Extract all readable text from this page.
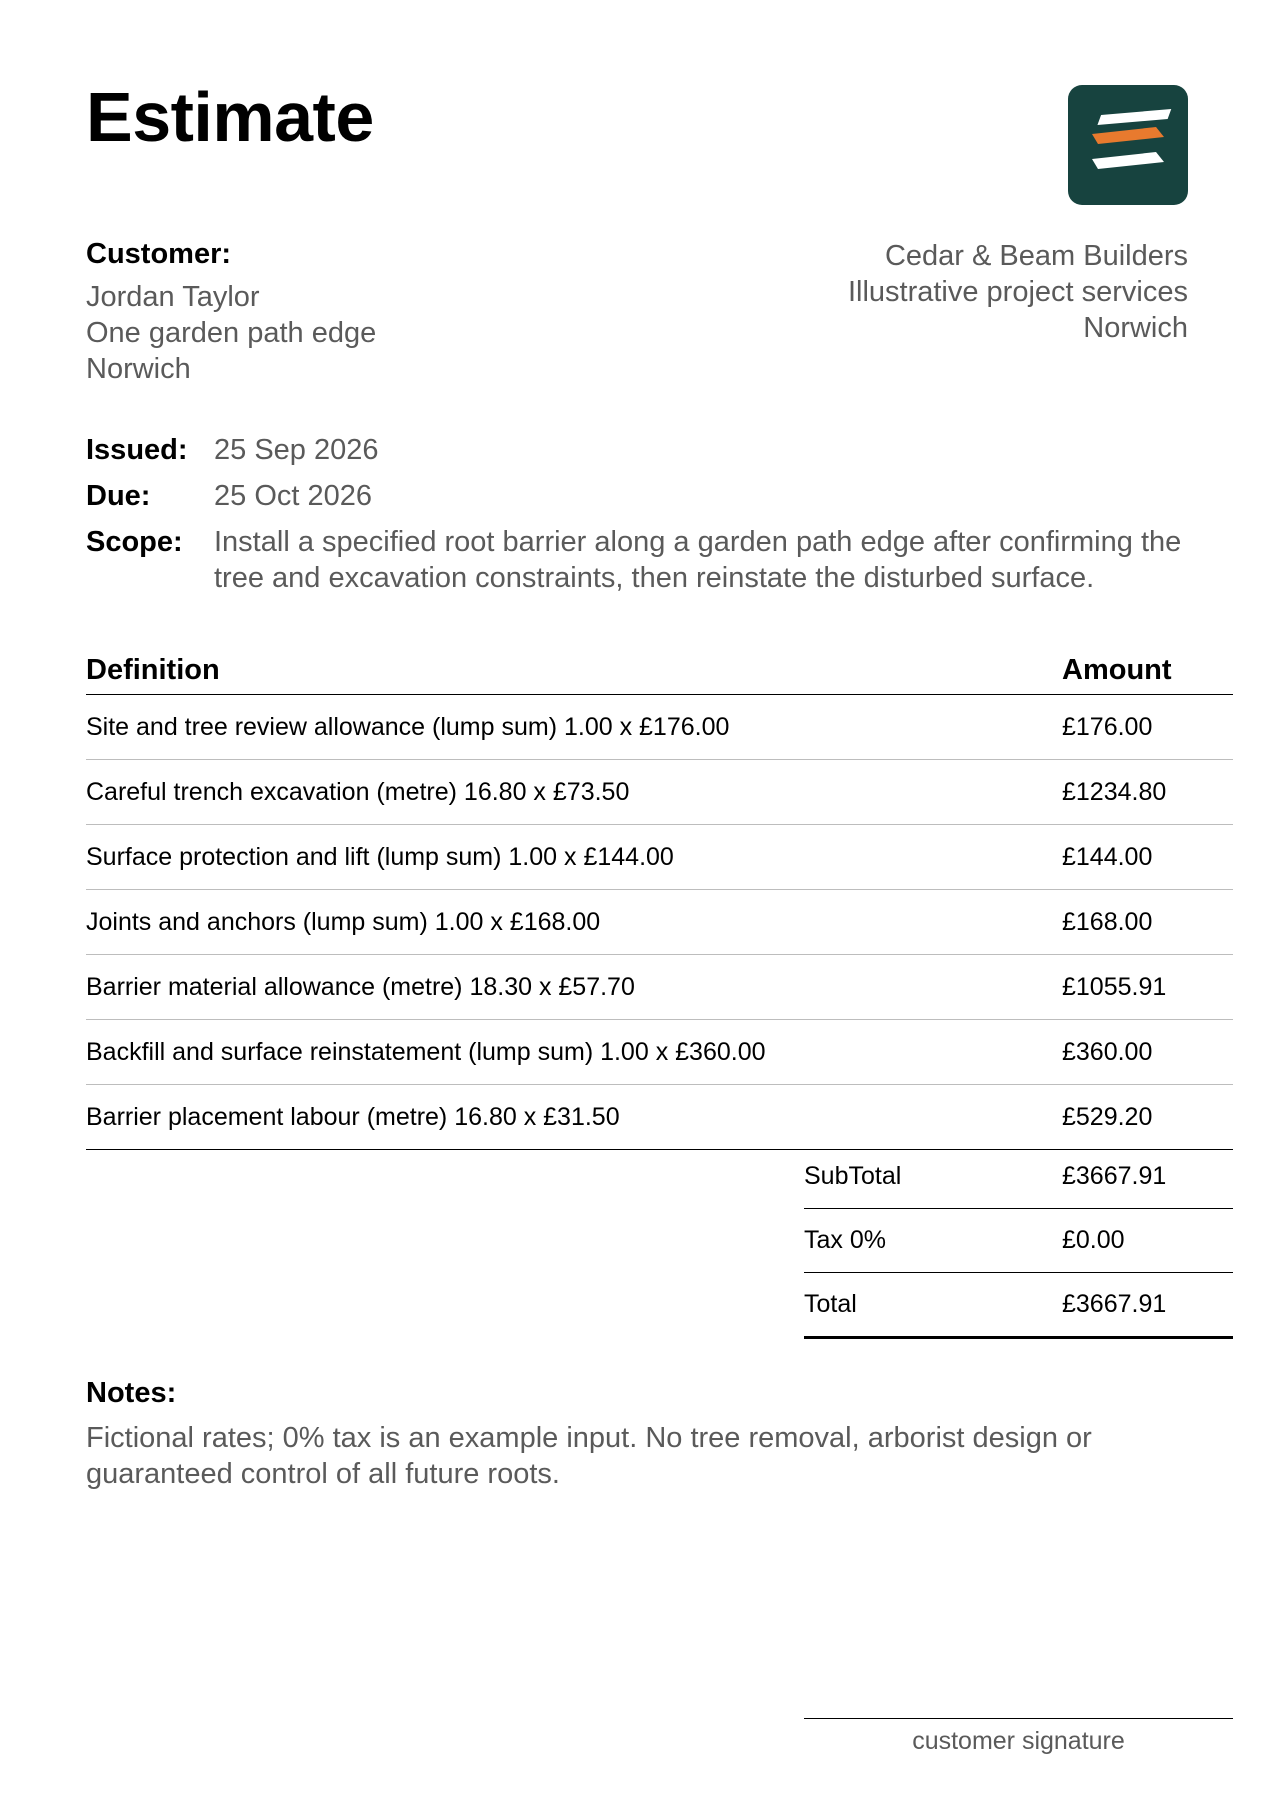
Estimate
Customer:
Jordan Taylor
One garden path edge
Norwich
Cedar & Beam Builders
Illustrative project services
Norwich
Issued: 25 Sep 2026
Due:	25 Oct 2026
Scope:	Install a specified root barrier along a garden path edge after confirming the tree and excavation constraints, then reinstate the disturbed surface.
Definition	Amount
Site and tree review allowance (lump sum) 1.00 x £176.00	£176.00
Careful trench excavation (metre) 16.80 x £73.50	£1234.80
Surface protection and lift (lump sum) 1.00 x £144.00	£144.00
Joints and anchors (lump sum) 1.00 x £168.00	£168.00
Barrier material allowance (metre) 18.30 x £57.70	£1055.91
Backfill and surface reinstatement (lump sum) 1.00 x £360.00	£360.00
Barrier placement labour (metre) 16.80 x £31.50	£529.20
SubTotal	£3667.91
Tax 0%	£0.00
Total	£3667.91
Notes:
Fictional rates; 0% tax is an example input. No tree removal, arborist design or guaranteed control of all future roots.
customer signature
